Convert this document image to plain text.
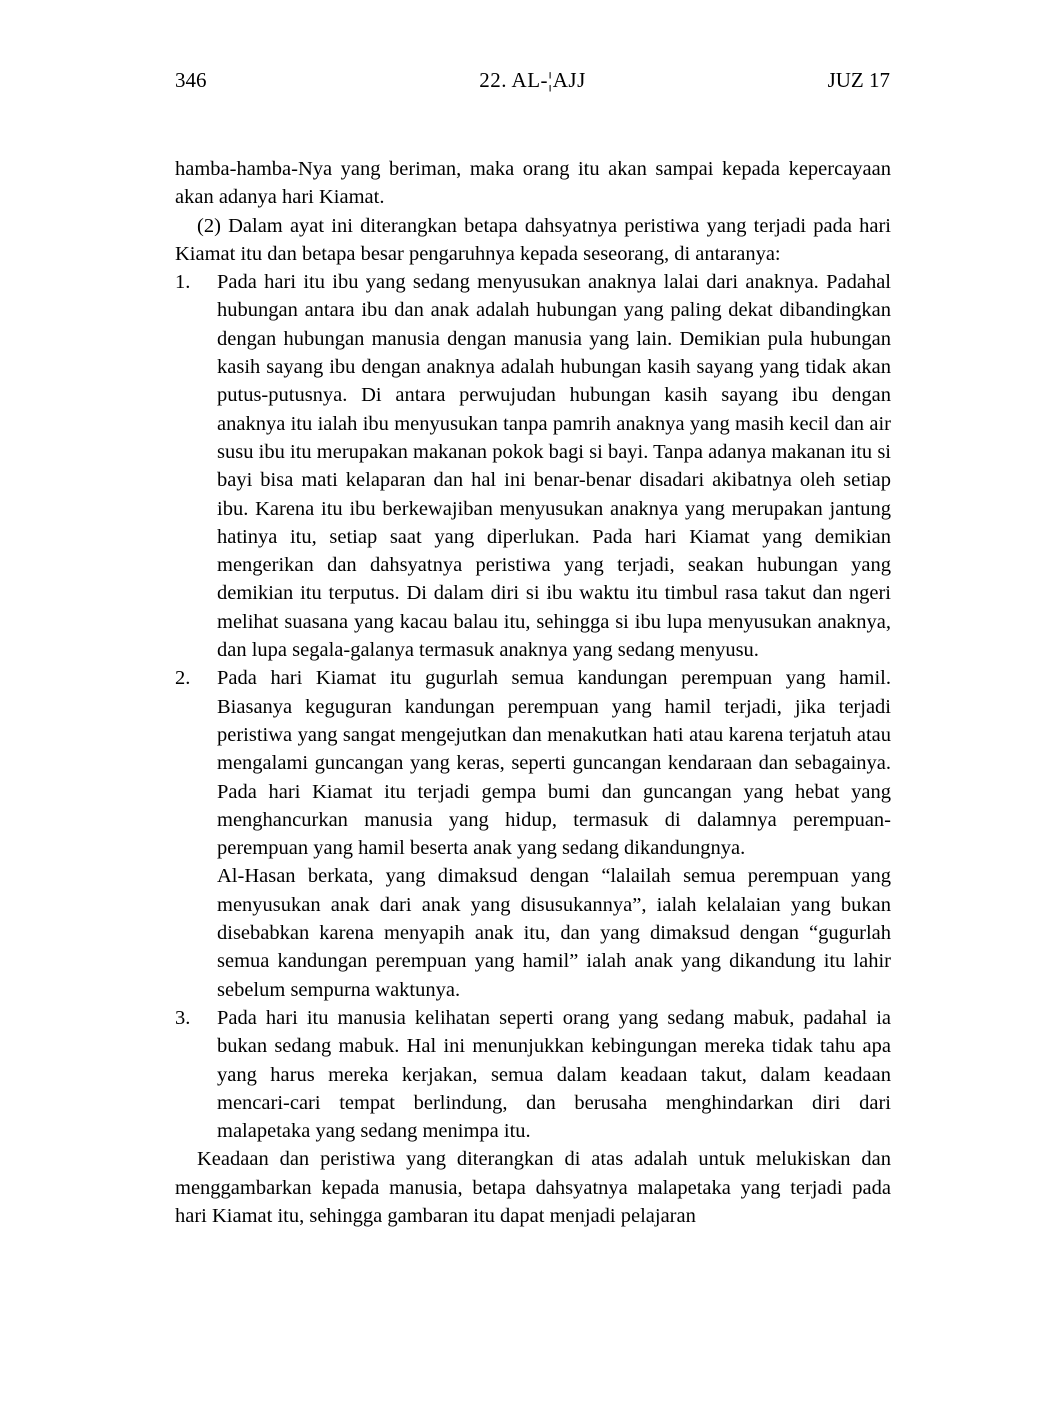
346	22. AL-¦AJJ	JUZ 17

hamba-hamba-Nya yang beriman, maka orang itu akan sampai kepada kepercayaan akan adanya hari Kiamat.

(2) Dalam ayat ini diterangkan betapa dahsyatnya peristiwa yang terjadi pada hari Kiamat itu dan betapa besar pengaruhnya kepada seseorang, di antaranya:

1.	Pada hari itu ibu yang sedang menyusukan anaknya lalai dari anaknya. Padahal hubungan antara ibu dan anak adalah hubungan yang paling dekat dibandingkan dengan hubungan manusia dengan manusia yang lain. Demikian pula hubungan kasih sayang ibu dengan anaknya adalah hubungan kasih sayang yang tidak akan putus-putusnya. Di antara perwujudan hubungan kasih sayang ibu dengan anaknya itu ialah ibu menyusukan tanpa pamrih anaknya yang masih kecil dan air susu ibu itu merupakan makanan pokok bagi si bayi. Tanpa adanya makanan itu si bayi bisa mati kelaparan dan hal ini benar-benar disadari akibatnya oleh setiap ibu. Karena itu ibu berkewajiban menyusukan anaknya yang merupakan jantung hatinya itu, setiap saat yang diperlukan. Pada hari Kiamat yang demikian mengerikan dan dahsyatnya peristiwa yang terjadi, seakan hubungan yang demikian itu terputus. Di dalam diri si ibu waktu itu timbul rasa takut dan ngeri melihat suasana yang kacau balau itu, sehingga si ibu lupa menyusukan anaknya, dan lupa segala-galanya termasuk anaknya yang sedang menyusu.

2.	Pada hari Kiamat itu gugurlah semua kandungan perempuan yang hamil. Biasanya keguguran kandungan perempuan yang hamil terjadi, jika terjadi peristiwa yang sangat mengejutkan dan menakutkan hati atau karena terjatuh atau mengalami guncangan yang keras, seperti guncangan kendaraan dan sebagainya. Pada hari Kiamat itu terjadi gempa bumi dan guncangan yang hebat yang menghancurkan manusia yang hidup, termasuk di dalamnya perempuan-perempuan yang hamil beserta anak yang sedang dikandungnya.

Al-Hasan berkata, yang dimaksud dengan “lalailah semua perempuan yang menyusukan anak dari anak yang disusukannya”, ialah kelalaian yang bukan disebabkan karena menyapih anak itu, dan yang dimaksud dengan “gugurlah semua kandungan perempuan yang hamil” ialah anak yang dikandung itu lahir sebelum sempurna waktunya.

3.	Pada hari itu manusia kelihatan seperti orang yang sedang mabuk, padahal ia bukan sedang mabuk. Hal ini menunjukkan kebingungan mereka tidak tahu apa yang harus mereka kerjakan, semua dalam keadaan takut, dalam keadaan mencari-cari tempat berlindung, dan berusaha menghindarkan diri dari malapetaka yang sedang menimpa itu.

Keadaan dan peristiwa yang diterangkan di atas adalah untuk melukiskan dan menggambarkan kepada manusia, betapa dahsyatnya malapetaka yang terjadi pada hari Kiamat itu, sehingga gambaran itu dapat menjadi pelajaran
